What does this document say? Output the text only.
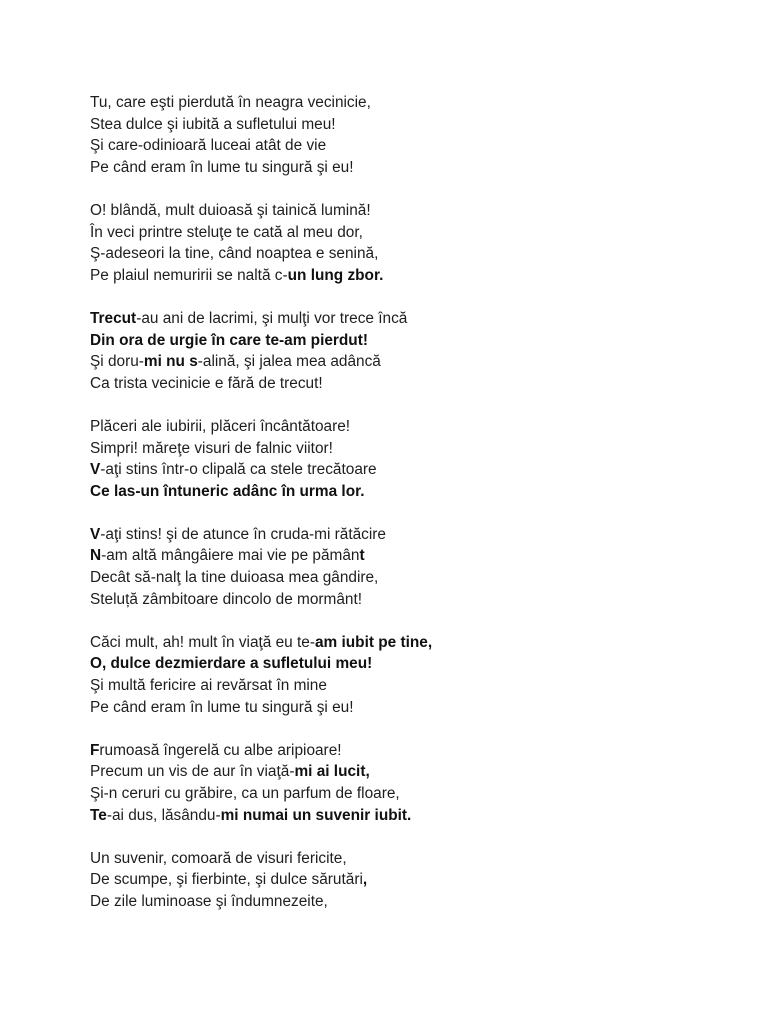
Tu, care eşti pierdută în neagra vecinicie,
Stea dulce şi iubită a sufletului meu!
Şi care-odinioară luceai atât de vie
Pe când eram în lume tu singură şi eu!
O! blândă, mult duioasă şi tainică lumină!
În veci printre steluţe te cată al meu dor,
Ş-adeseori la tine, când noaptea e senină,
Pe plaiul nemuririi se naltă c-un lung zbor.
Trecut-au ani de lacrimi, şi mulţi vor trece încă
Din ora de urgie în care te-am pierdut!
Şi doru-mi nu s-alină, şi jalea mea adâncă
Ca trista vecinicie e fără de trecut!
Plăceri ale iubirii, plăceri încântătoare!
Simpri! măreţe visuri de falnic viitor!
V-aţi stins într-o clipală ca stele trecătoare
Ce las-un întuneric adânc în urma lor.
V-aţi stins! şi de atunce în cruda-mi rătăcire
N-am altă mângâiere mai vie pe pământ
Decât să-nalţ la tine duioasa mea gândire,
Steluță zâmbitoare dincolo de mormânt!
Căci mult, ah! mult în viaţă eu te-am iubit pe tine,
O, dulce dezmierdare a sufletului meu!
Şi multă fericire ai revărsat în mine
Pe când eram în lume tu singură şi eu!
Frumoasă îngerelă cu albe aripioare!
Precum un vis de aur în viaţă-mi ai lucit,
Şi-n ceruri cu grăbire, ca un parfum de floare,
Te-ai dus, lăsându-mi numai un suvenir iubit.
Un suvenir, comoară de visuri fericite,
De scumpe, şi fierbinte, şi dulce sărutări,
De zile luminoase şi îndumnezeite,
